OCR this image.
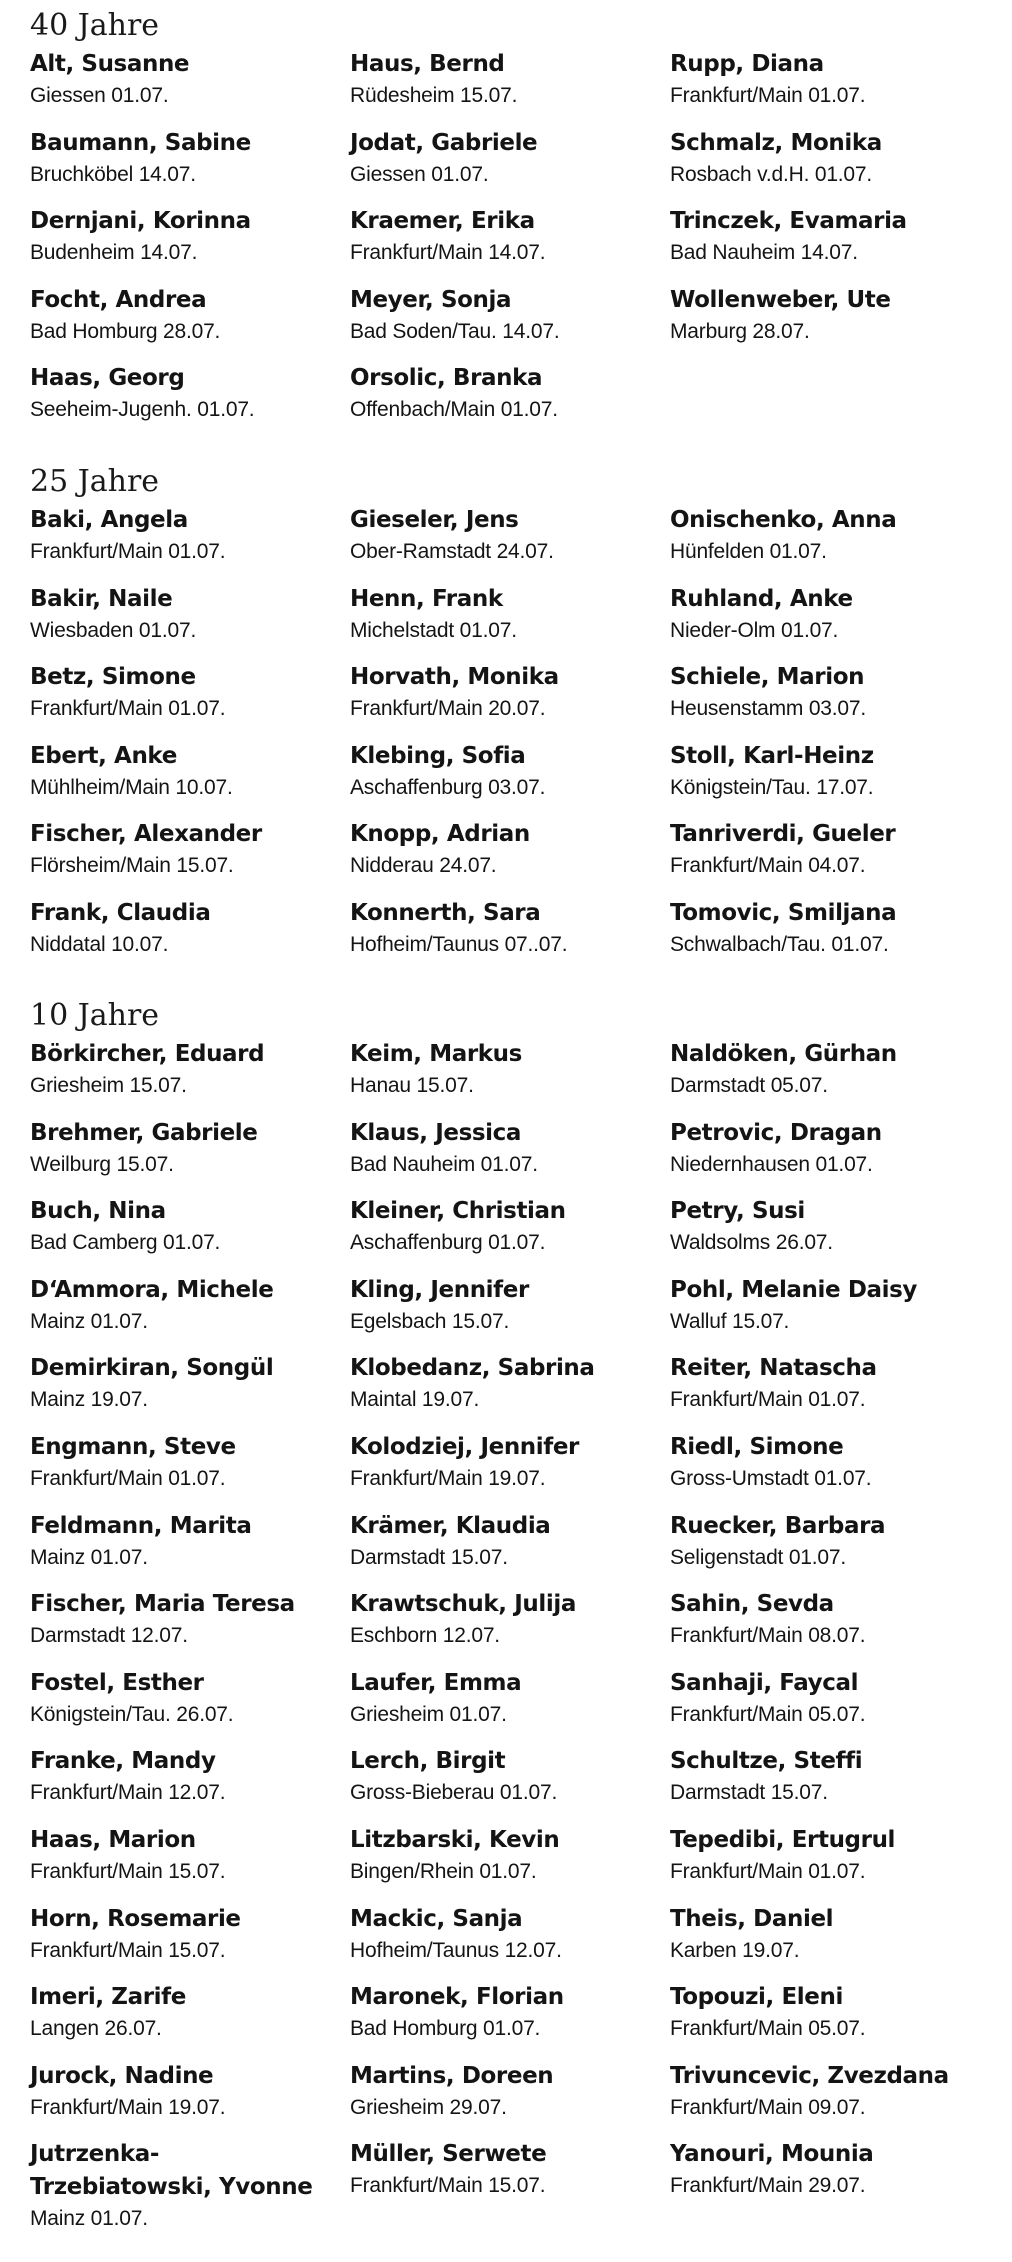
40 Jahre
Alt, Susanne
Giessen 01.07.
Baumann, Sabine
Bruchköbel 14.07.
Dernjani, Korinna
Budenheim 14.07.
Focht, Andrea
Bad Homburg 28.07.
Haas, Georg
Seeheim-Jugenh. 01.07.
Haus, Bernd
Rüdesheim 15.07.
Jodat, Gabriele
Giessen 01.07.
Kraemer, Erika
Frankfurt/Main 14.07.
Meyer, Sonja
Bad Soden/Tau. 14.07.
Orsolic, Branka
Offenbach/Main 01.07.
Rupp, Diana
Frankfurt/Main 01.07.
Schmalz, Monika
Rosbach v.d.H. 01.07.
Trinczek, Evamaria
Bad Nauheim 14.07.
Wollenweber, Ute
Marburg 28.07.
25 Jahre
Baki, Angela
Frankfurt/Main 01.07.
Bakir, Naile
Wiesbaden 01.07.
Betz, Simone
Frankfurt/Main 01.07.
Ebert, Anke
Mühlheim/Main 10.07.
Fischer, Alexander
Flörsheim/Main 15.07.
Frank, Claudia
Niddatal 10.07.
Gieseler, Jens
Ober-Ramstadt 24.07.
Henn, Frank
Michelstadt 01.07.
Horvath, Monika
Frankfurt/Main 20.07.
Klebing, Sofia
Aschaffenburg 03.07.
Knopp, Adrian
Nidderau 24.07.
Konnerth, Sara
Hofheim/Taunus 07..07.
Onischenko, Anna
Hünfelden 01.07.
Ruhland, Anke
Nieder-Olm 01.07.
Schiele, Marion
Heusenstamm 03.07.
Stoll, Karl-Heinz
Königstein/Tau. 17.07.
Tanriverdi, Gueler
Frankfurt/Main 04.07.
Tomovic, Smiljana
Schwalbach/Tau. 01.07.
10 Jahre
Börkircher, Eduard
Griesheim 15.07.
Brehmer, Gabriele
Weilburg 15.07.
Buch, Nina
Bad Camberg 01.07.
D‘Ammora, Michele
Mainz 01.07.
Demirkiran, Songül
Mainz 19.07.
Engmann, Steve
Frankfurt/Main 01.07.
Feldmann, Marita
Mainz 01.07.
Fischer, Maria Teresa
Darmstadt 12.07.
Fostel, Esther
Königstein/Tau. 26.07.
Franke, Mandy
Frankfurt/Main 12.07.
Haas, Marion
Frankfurt/Main 15.07.
Horn, Rosemarie
Frankfurt/Main 15.07.
Imeri, Zarife
Langen 26.07.
Jurock, Nadine
Frankfurt/Main 19.07.
Jutrzenka-Trzebiatowski, Yvonne
Mainz 01.07.
Keim, Markus
Hanau 15.07.
Klaus, Jessica
Bad Nauheim 01.07.
Kleiner, Christian
Aschaffenburg 01.07.
Kling, Jennifer
Egelsbach 15.07.
Klobedanz, Sabrina
Maintal 19.07.
Kolodziej, Jennifer
Frankfurt/Main 19.07.
Krämer, Klaudia
Darmstadt 15.07.
Krawtschuk, Julija
Eschborn 12.07.
Laufer, Emma
Griesheim 01.07.
Lerch, Birgit
Gross-Bieberau 01.07.
Litzbarski, Kevin
Bingen/Rhein 01.07.
Mackic, Sanja
Hofheim/Taunus 12.07.
Maronek, Florian
Bad Homburg 01.07.
Martins, Doreen
Griesheim 29.07.
Müller, Serwete
Frankfurt/Main 15.07.
Naldöken, Gürhan
Darmstadt 05.07.
Petrovic, Dragan
Niedernhausen 01.07.
Petry, Susi
Waldsolms 26.07.
Pohl, Melanie Daisy
Walluf 15.07.
Reiter, Natascha
Frankfurt/Main 01.07.
Riedl, Simone
Gross-Umstadt 01.07.
Ruecker, Barbara
Seligenstadt 01.07.
Sahin, Sevda
Frankfurt/Main 08.07.
Sanhaji, Faycal
Frankfurt/Main 05.07.
Schultze, Steffi
Darmstadt 15.07.
Tepedibi, Ertugrul
Frankfurt/Main 01.07.
Theis, Daniel
Karben 19.07.
Topouzi, Eleni
Frankfurt/Main 05.07.
Trivuncevic, Zvezdana
Frankfurt/Main 09.07.
Yanouri, Mounia
Frankfurt/Main 29.07.
